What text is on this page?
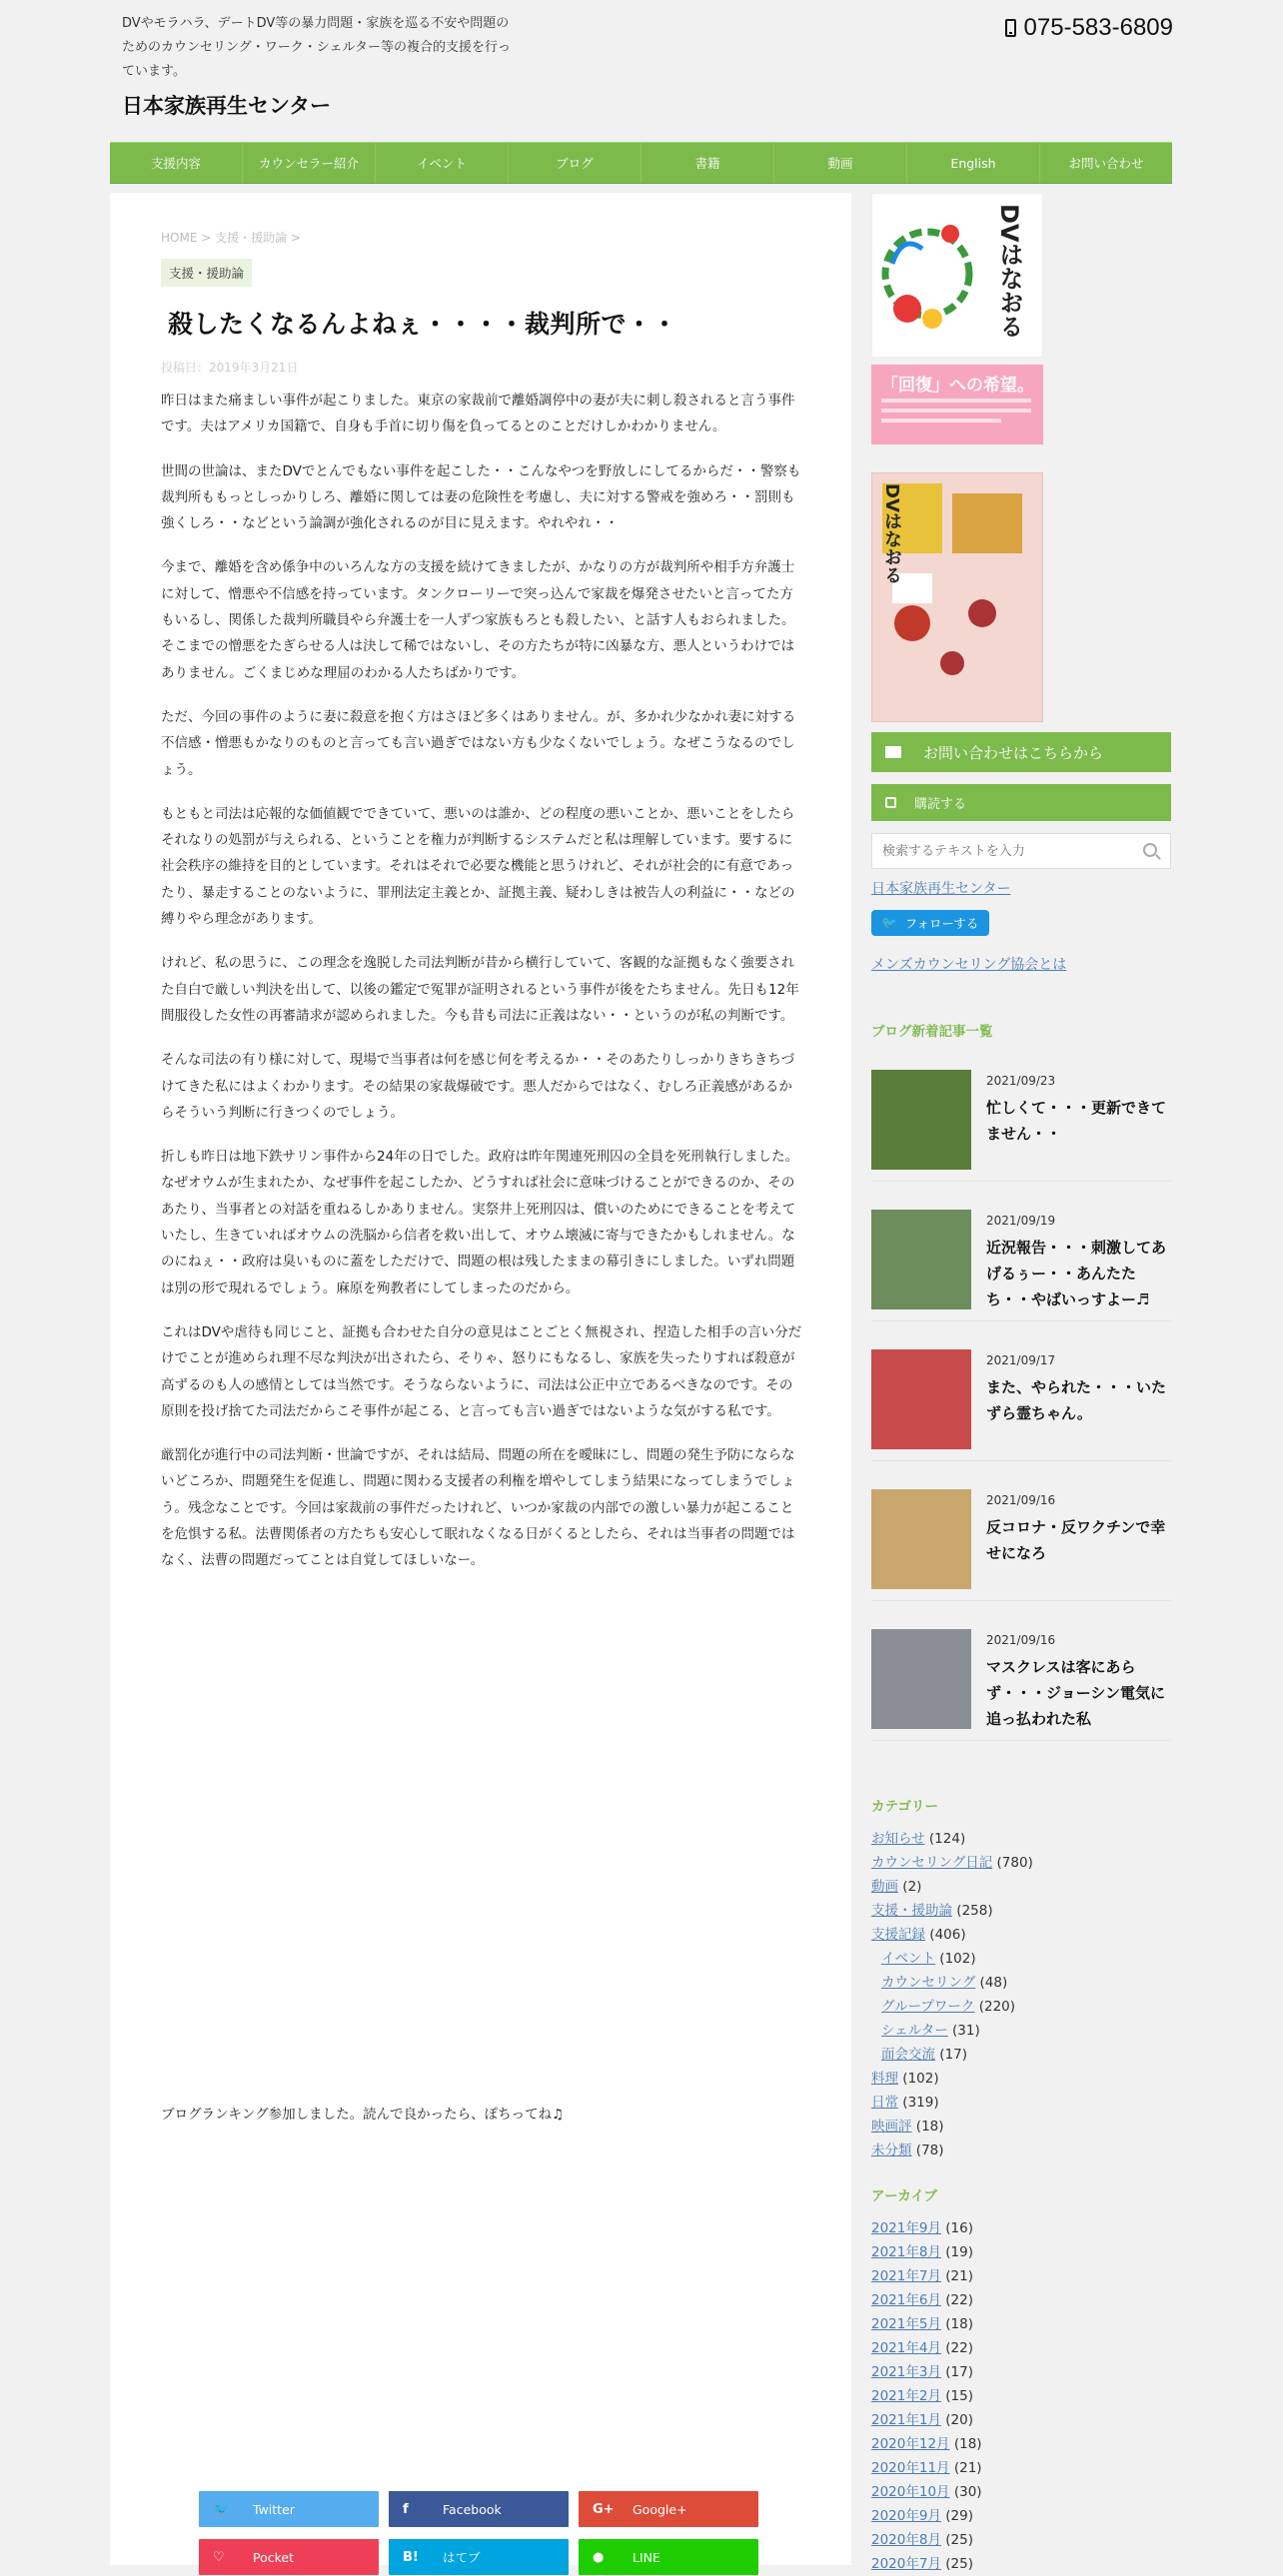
DVやモラハラ、デートDV等の暴力問題・家族を巡る不安や問題のためのカウンセリング・ワーク・シェルター等の複合的支援を行っています。
日本家族再生センター
075-583-6809
支援内容	カウンセラー紹介	イベント	ブログ	書籍	動画	English	お問い合わせ
HOME > 支援・援助論 >
支援・援助論
殺したくなるんよねぇ・・・・裁判所で・・
投稿日：2019年3月21日

昨日はまた痛ましい事件が起こりました。東京の家裁前で離婚調停中の妻が夫に刺し殺されると言う事件です。夫はアメリカ国籍で、自身も手首に切り傷を負ってるとのことだけしかわかりません。

世間の世論は、またDVでとんでもない事件を起こした・・こんなやつを野放しにしてるからだ・・警察も裁判所ももっとしっかりしろ、離婚に関しては妻の危険性を考慮し、夫に対する警戒を強めろ・・罰則も強くしろ・・などという論調が強化されるのが目に見えます。やれやれ・・

今まで、離婚を含め係争中のいろんな方の支援を続けてきましたが、かなりの方が裁判所や相手方弁護士に対して、憎悪や不信感を持っています。タンクローリーで突っ込んで家裁を爆発させたいと言ってた方もいるし、関係した裁判所職員やら弁護士を一人ずつ家族もろとも殺したい、と話す人もおられました。そこまでの憎悪をたぎらせる人は決して稀ではないし、その方たちが特に凶暴な方、悪人というわけではありません。ごくまじめな理屈のわかる人たちばかりです。

ただ、今回の事件のように妻に殺意を抱く方はさほど多くはありません。が、多かれ少なかれ妻に対する不信感・憎悪もかなりのものと言っても言い過ぎではない方も少なくないでしょう。なぜこうなるのでしょう。

もともと司法は応報的な価値観でできていて、悪いのは誰か、どの程度の悪いことか、悪いことをしたらそれなりの処罰が与えられる、ということを権力が判断するシステムだと私は理解しています。要するに社会秩序の維持を目的としています。それはそれで必要な機能と思うけれど、それが社会的に有意であったり、暴走することのないように、罪刑法定主義とか、証拠主義、疑わしきは被告人の利益に・・などの縛りやら理念があります。

けれど、私の思うに、この理念を逸脱した司法判断が昔から横行していて、客観的な証拠もなく強要された自白で厳しい判決を出して、以後の鑑定で冤罪が証明されるという事件が後をたちません。先日も12年間服役した女性の再審請求が認められました。今も昔も司法に正義はない・・というのが私の判断です。

そんな司法の有り様に対して、現場で当事者は何を感じ何を考えるか・・そのあたりしっかりきちきちづけてきた私にはよくわかります。その結果の家裁爆破です。悪人だからではなく、むしろ正義感があるからそういう判断に行きつくのでしょう。

折しも昨日は地下鉄サリン事件から24年の日でした。政府は昨年関連死刑囚の全員を死刑執行しました。なぜオウムが生まれたか、なぜ事件を起こしたか、どうすれば社会に意味づけることができるのか、そのあたり、当事者との対話を重ねるしかありません。実祭井上死刑囚は、償いのためにできることを考えていたし、生きていればオウムの洗脳から信者を救い出して、オウム壊滅に寄与できたかもしれません。なのにねぇ・・政府は臭いものに蓋をしただけで、問題の根は残したままの幕引きにしました。いずれ問題は別の形で現れるでしょう。麻原を殉教者にしてしまったのだから。

これはDVや虐待も同じこと、証拠も合わせた自分の意見はことごとく無視され、捏造した相手の言い分だけでことが進められ理不尽な判決が出されたら、そりゃ、怒りにもなるし、家族を失ったりすれば殺意が高ずるのも人の感情としては当然です。そうならないように、司法は公正中立であるべきなのです。その原則を投げ捨てた司法だからこそ事件が起こる、と言っても言い過ぎではないような気がする私です。

厳罰化が進行中の司法判断・世論ですが、それは結局、問題の所在を曖昧にし、問題の発生予防にならないどころか、問題発生を促進し、問題に関わる支援者の利権を増やしてしまう結果になってしまうでしょう。残念なことです。今回は家裁前の事件だったけれど、いつか家裁の内部での激しい暴力が起こることを危惧する私。法曹関係者の方たちも安心して眠れなくなる日がくるとしたら、それは当事者の問題ではなく、法曹の問題だってことは自覚してほしいなー。

ブログランキング参加しました。読んで良かったら、ぽちってね♫
🐦	Twitter	f	Facebook	G+	Google+
♡	Pocket	B!	はてブ	●	LINE
DVはなおる
「回復」への希望。
DVはなおる
お問い合わせはこちらから
購読する
検索するテキストを入力
日本家族再生センター
🐦 フォローする
メンズカウンセリング協会とは
ブログ新着記事一覧
2021/09/23
忙しくて・・・更新できてません・・
2021/09/19
近況報告・・・刺激してあげるぅー・・あんたたち・・やばいっすよー♬
2021/09/17
また、やられた・・・いたずら霊ちゃん。
2021/09/16
反コロナ・反ワクチンで幸せになろ
2021/09/16
マスクレスは客にあらず・・・ジョーシン電気に追っ払われた私
カテゴリー
お知らせ (124)
カウンセリング日記 (780)
動画 (2)
支援・援助論 (258)
支援記録 (406)
イベント (102)
カウンセリング (48)
グループワーク (220)
シェルター (31)
面会交流 (17)
料理 (102)
日常 (319)
映画評 (18)
未分類 (78)
アーカイブ
2021年9月 (16)
2021年8月 (19)
2021年7月 (21)
2021年6月 (22)
2021年5月 (18)
2021年4月 (22)
2021年3月 (17)
2021年2月 (15)
2021年1月 (20)
2020年12月 (18)
2020年11月 (21)
2020年10月 (30)
2020年9月 (29)
2020年8月 (25)
2020年7月 (25)
